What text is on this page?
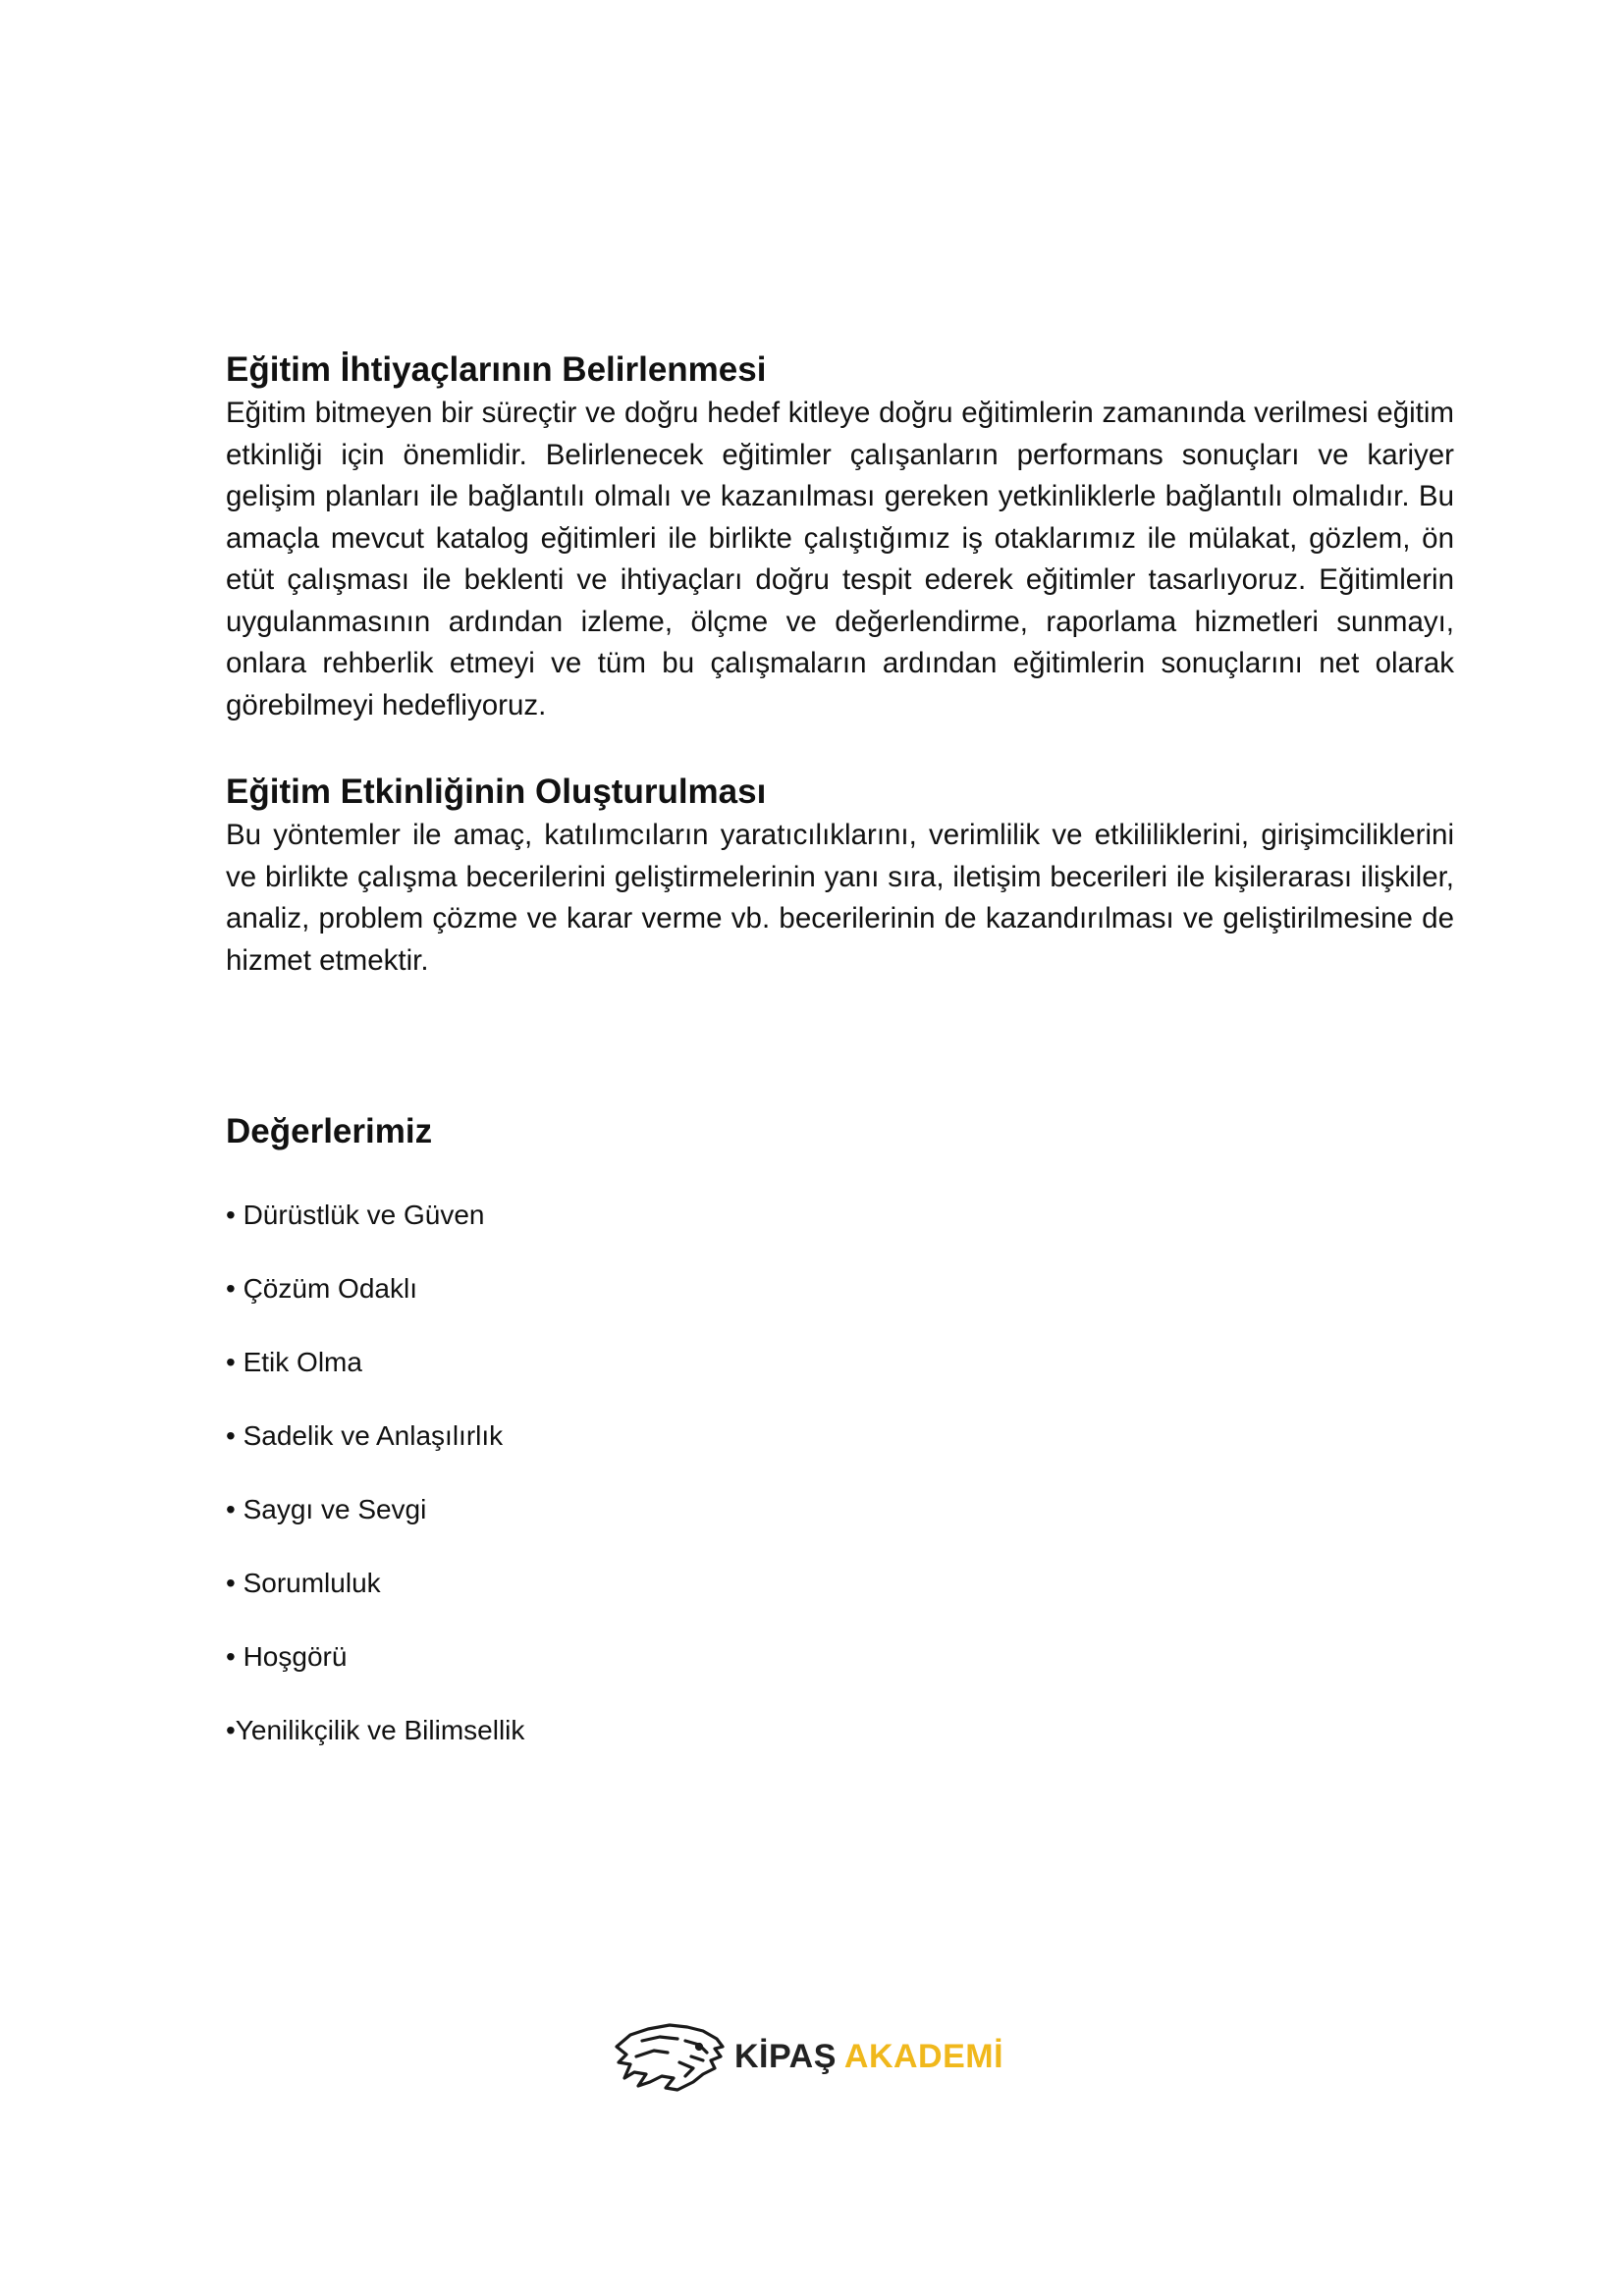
Eğitim İhtiyaçlarının Belirlenmesi

Eğitim bitmeyen bir süreçtir ve doğru hedef kitleye doğru eğitimlerin zamanında verilmesi eğitim etkinliği için önemlidir. Belirlenecek eğitimler çalışanların performans sonuçları ve kariyer gelişim planları ile bağlantılı olmalı ve kazanılması gereken yetkinliklerle bağlantılı olmalıdır. Bu amaçla mevcut katalog eğitimleri ile birlikte çalıştığımız iş otaklarımız ile mülakat, gözlem, ön etüt çalışması ile beklenti ve ihtiyaçları doğru tespit ederek eğitimler tasarlıyoruz. Eğitimlerin uygulanmasının ardından izleme, ölçme ve değerlendirme, raporlama hizmetleri sunmayı, onlara rehberlik etmeyi ve tüm bu çalışmaların ardından eğitimlerin sonuçlarını net olarak görebilmeyi hedefliyoruz.

Eğitim Etkinliğinin Oluşturulması

Bu yöntemler ile amaç, katılımcıların yaratıcılıklarını, verimlilik ve etkililiklerini, girişimciliklerini ve birlikte çalışma becerilerini geliştirmelerinin yanı sıra, iletişim becerileri ile kişilerarası ilişkiler, analiz, problem çözme ve karar verme vb. becerilerinin de kazandırılması ve geliştirilmesine de hizmet etmektir.

Değerlerimiz
• Dürüstlük ve Güven
• Çözüm Odaklı
• Etik Olma
• Sadelik ve Anlaşılırlık
• Saygı ve Sevgi
• Sorumluluk
• Hoşgörü
•Yenilikçilik ve Bilimsellik
KİPAŞ AKADEMİ
